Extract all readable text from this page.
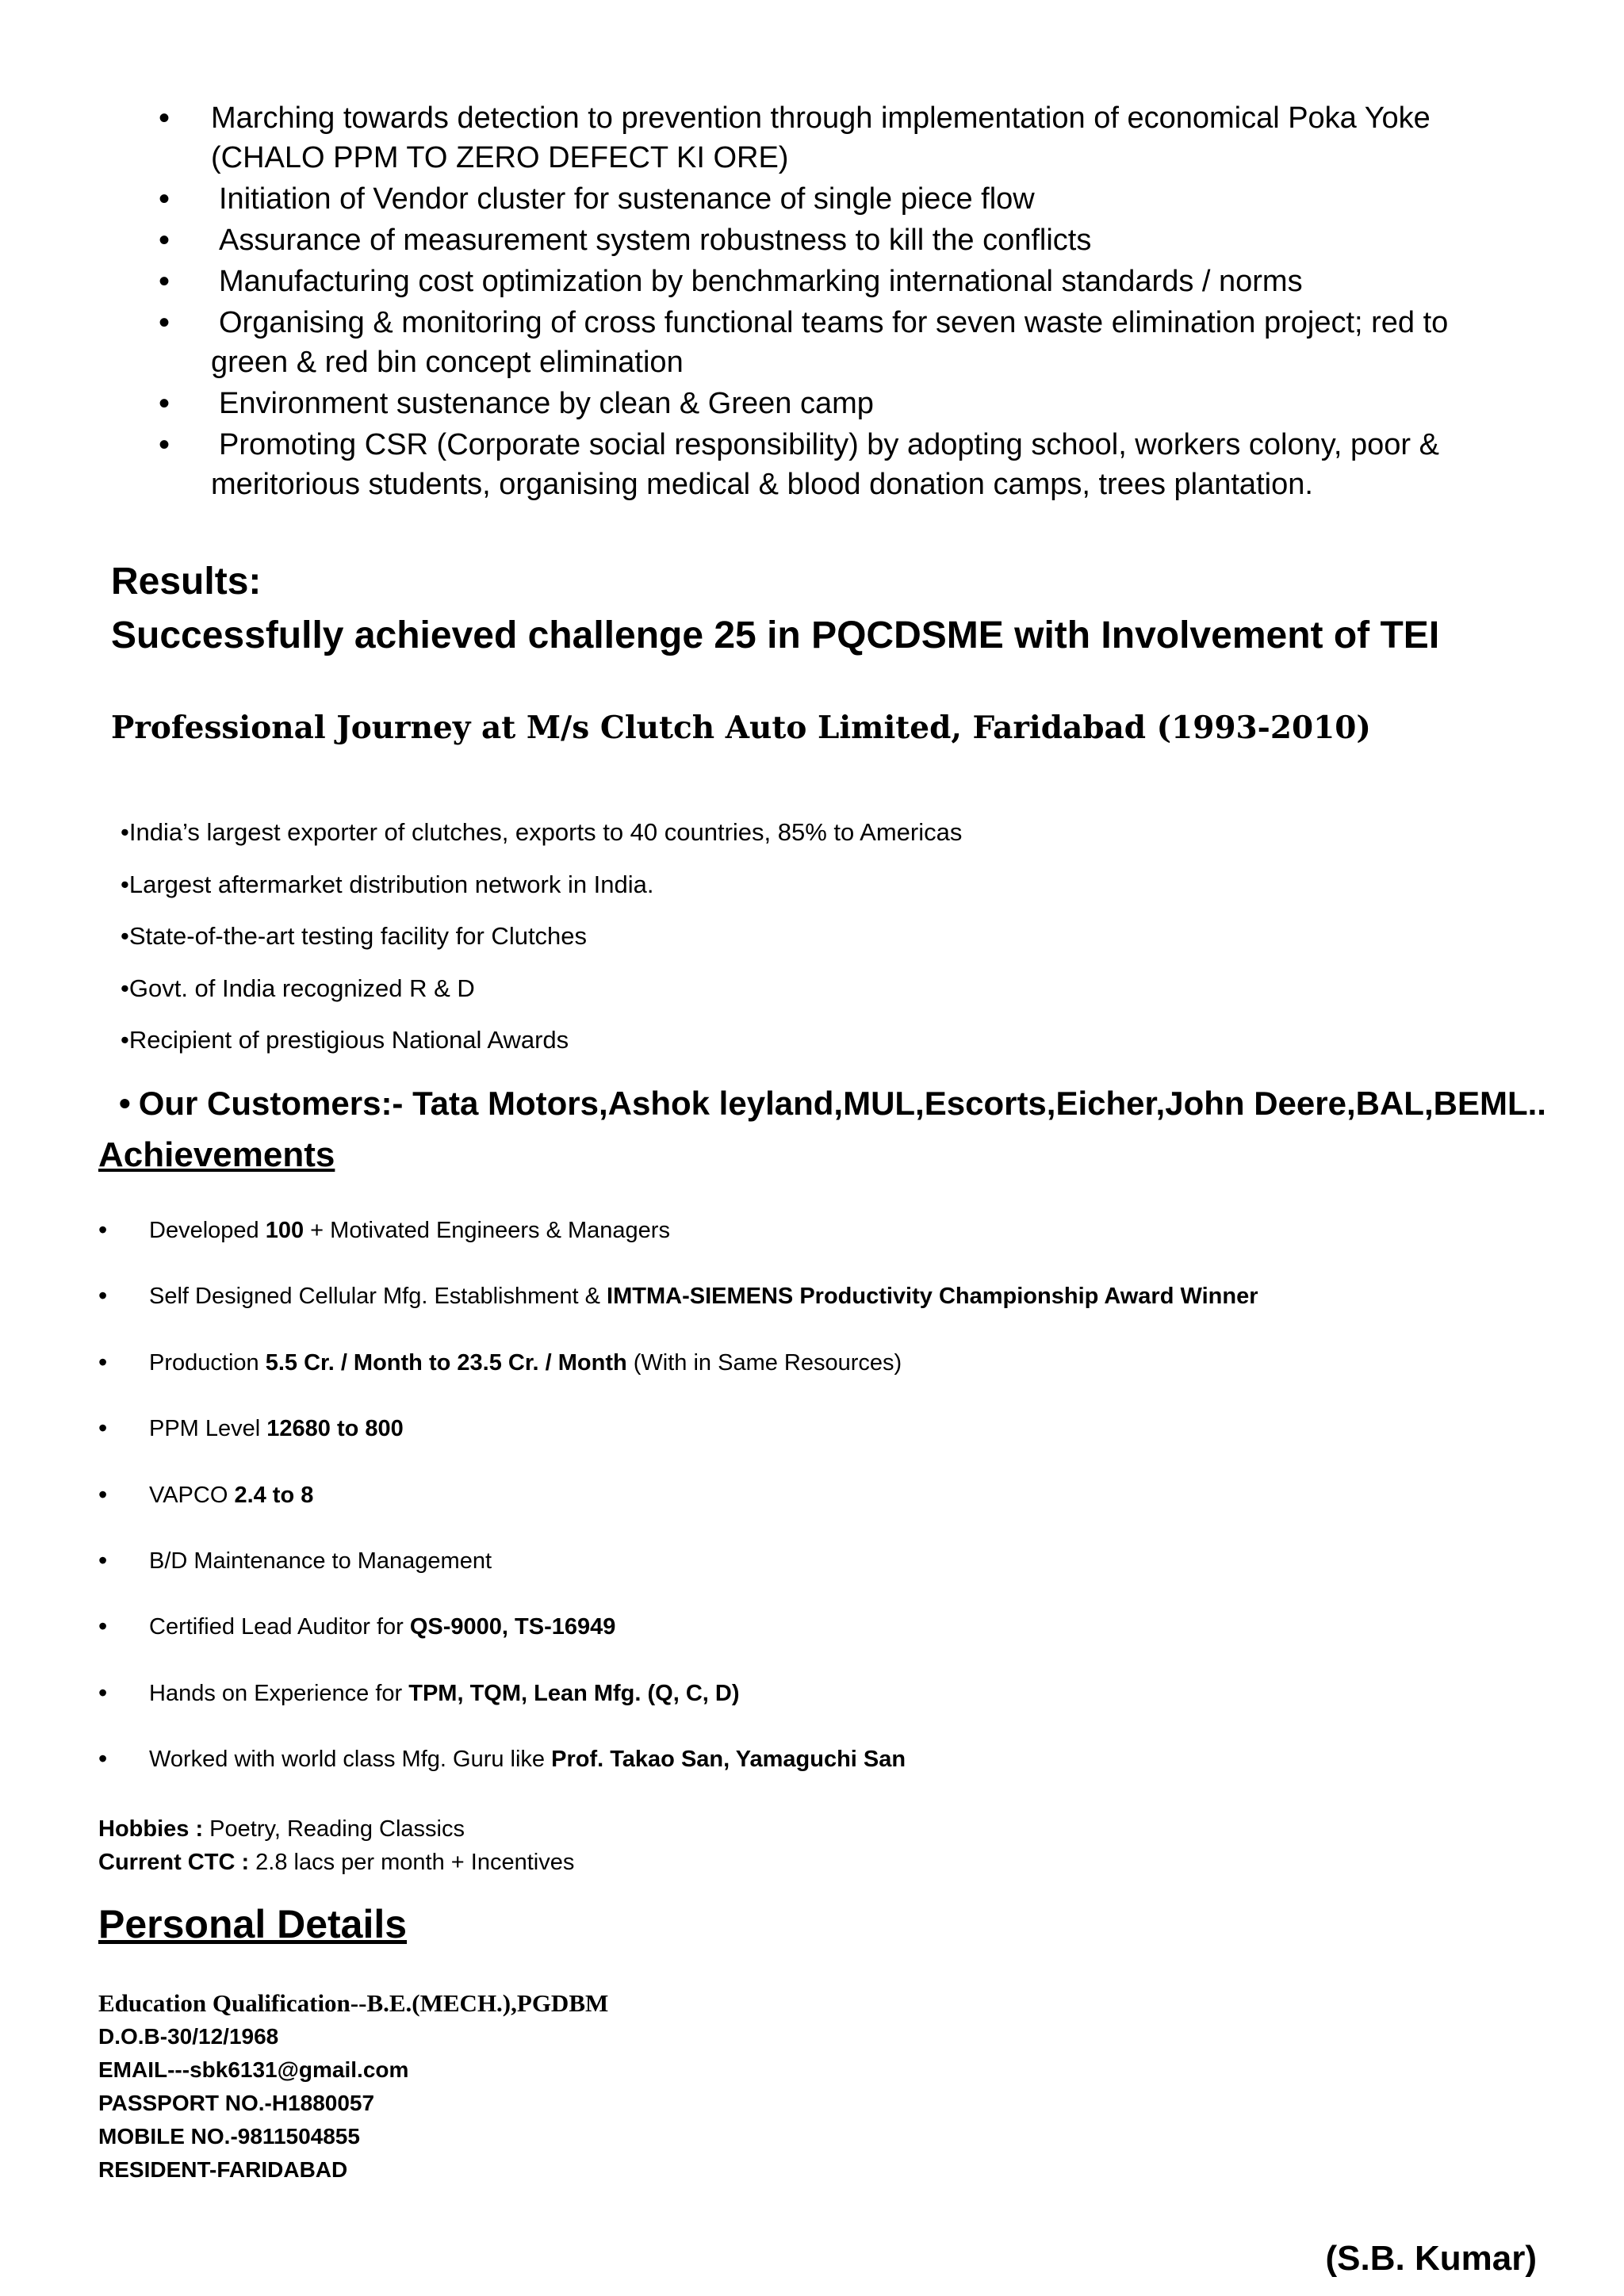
• Marching towards detection to prevention through implementation of economical Poka Yoke
(CHALO PPM TO ZERO DEFECT KI ORE)
• Initiation of Vendor cluster for sustenance of single piece flow
• Assurance of measurement system robustness to kill the conflicts
• Manufacturing cost optimization by benchmarking international standards / norms
• Organising & monitoring of cross functional teams for seven waste elimination project; red to
green & red bin concept elimination
• Environment sustenance by clean & Green camp
• Promoting CSR (Corporate social responsibility) by adopting school, workers colony, poor &
meritorious students, organising medical & blood donation camps, trees plantation.
Results:
Successfully achieved challenge 25 in PQCDSME with Involvement of TEI
Professional Journey at M/s Clutch Auto Limited, Faridabad (1993-2010)
• India’s largest exporter of clutches, exports to 40 countries, 85% to Americas
• Largest aftermarket distribution network in India.
• State-of-the-art testing facility for Clutches
• Govt. of India recognized R & D
• Recipient of prestigious National Awards
• Our Customers:- Tata Motors,Ashok leyland,MUL,Escorts,Eicher,John Deere,BAL,BEML..
Achievements
• Developed 100 + Motivated Engineers & Managers
• Self Designed Cellular Mfg. Establishment & IMTMA-SIEMENS Productivity Championship Award Winner
• Production 5.5 Cr. / Month to 23.5 Cr. / Month (With in Same Resources)
• PPM Level 12680 to 800
• VAPCO 2.4 to 8
• B/D Maintenance to Management
• Certified Lead Auditor for QS-9000, TS-16949
• Hands on Experience for TPM, TQM, Lean Mfg. (Q, C, D)
• Worked with world class Mfg. Guru like Prof. Takao San, Yamaguchi San
Hobbies : Poetry, Reading Classics
Current CTC : 2.8 lacs per month + Incentives
Personal Details
Education Qualification--B.E.(MECH.),PGDBM
D.O.B-30/12/1968
EMAIL---sbk6131@gmail.com
PASSPORT NO.-H1880057
MOBILE NO.-9811504855
RESIDENT-FARIDABAD
(S.B. Kumar)
